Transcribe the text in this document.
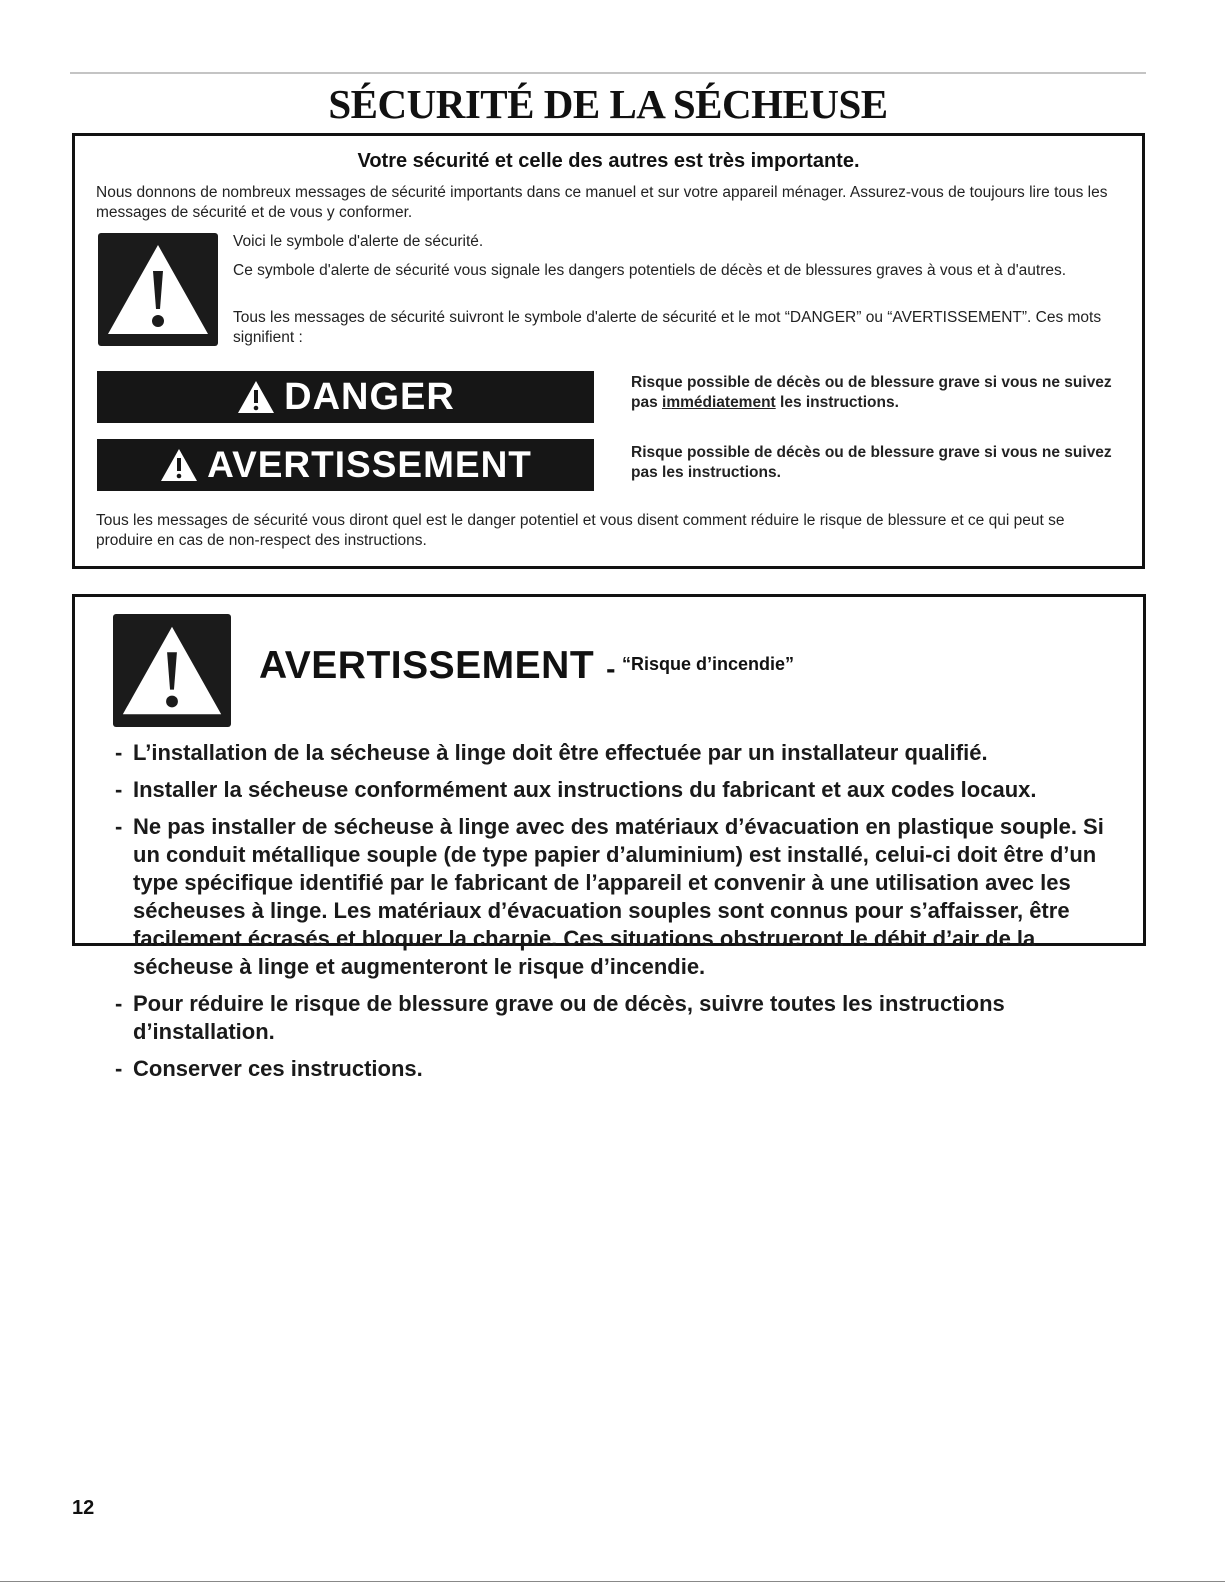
SÉCURITÉ DE LA SÉCHEUSE
Votre sécurité et celle des autres est très importante.

Nous donnons de nombreux messages de sécurité importants dans ce manuel et sur votre appareil ménager. Assurez-vous de toujours lire tous les messages de sécurité et de vous y conformer.

Voici le symbole d'alerte de sécurité.

Ce symbole d'alerte de sécurité vous signale les dangers potentiels de décès et de blessures graves à vous et à d'autres.

Tous les messages de sécurité suivront le symbole d'alerte de sécurité et le mot “DANGER” ou “AVERTISSEMENT”. Ces mots signifient :

DANGER	Risque possible de décès ou de blessure grave si vous ne suivez pas immédiatement les instructions.

AVERTISSEMENT	Risque possible de décès ou de blessure grave si vous ne suivez pas les instructions.

Tous les messages de sécurité vous diront quel est le danger potentiel et vous disent comment réduire le risque de blessure et ce qui peut se produire en cas de non-respect des instructions.

AVERTISSEMENT - $^{“Risque d’incendie”}$
- L’installation de la sécheuse à linge doit être effectuée par un installateur qualifié.
- Installer la sécheuse conformément aux instructions du fabricant et aux codes locaux.
- Ne pas installer de sécheuse à linge avec des matériaux d’évacuation en plastique souple. Si un conduit métallique souple (de type papier d’aluminium) est installé, celui-ci doit être d’un type spécifique identifié par le fabricant de l’appareil et convenir à une utilisation avec les sécheuses à linge. Les matériaux d’évacuation souples sont connus pour s’affaisser, être facilement écrasés et bloquer la charpie. Ces situations obstrueront le débit d’air de la sécheuse à linge et augmenteront le risque d’incendie.
- Pour réduire le risque de blessure grave ou de décès, suivre toutes les instructions d’installation.
- Conserver ces instructions.

12
